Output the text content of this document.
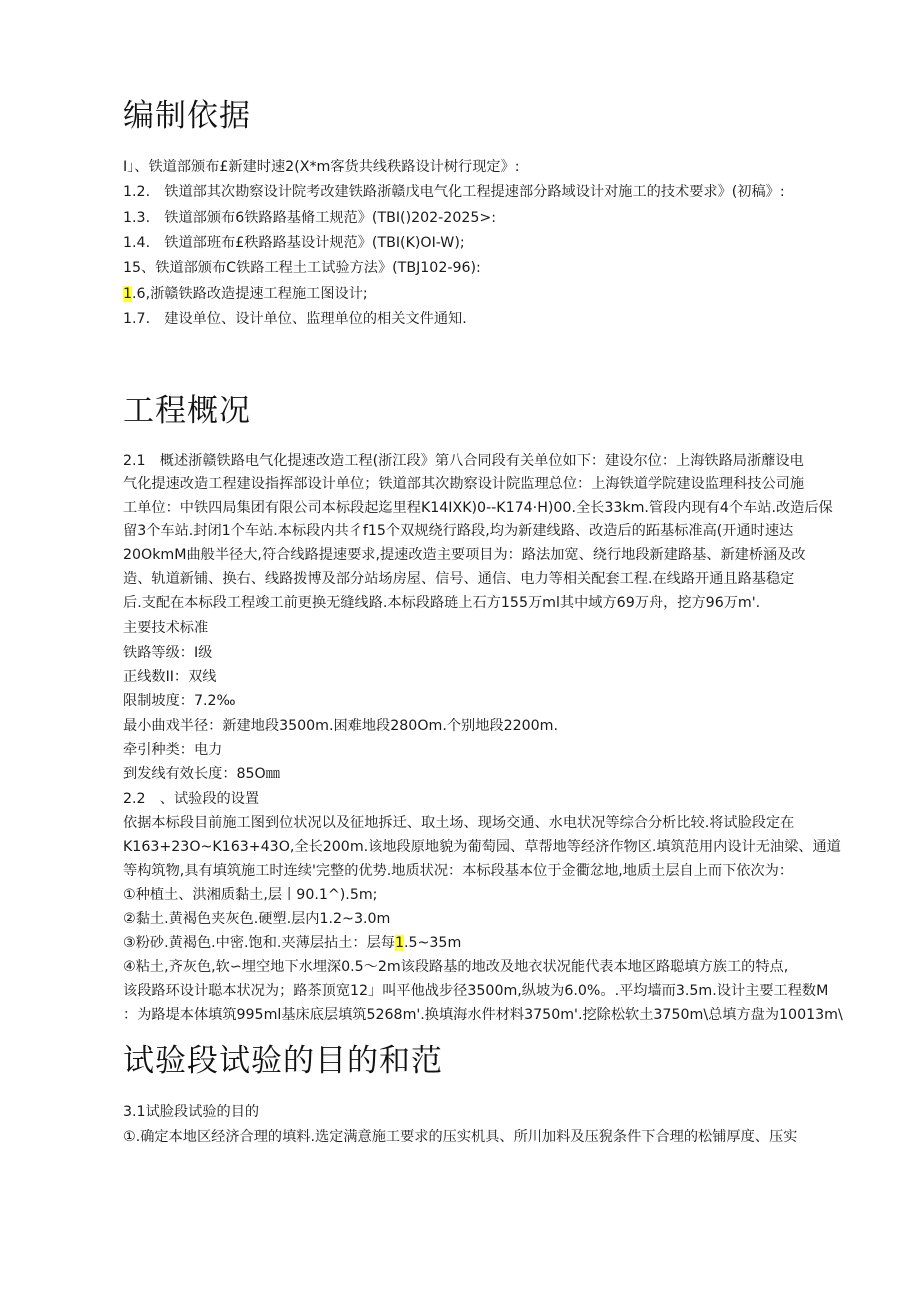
编制依据
I」、铁道部颁布£新建时速2(X*m客货共线秩路设计树行现定》:
1.2.　铁道部其次勘察设计院考改建铁路浙赣戊电气化工程提速部分路域设计对施工的技术要求》(初稿》:
1.3.　铁道部颁布6铁路路基脩工规范》(TBI()202-2025>:
1.4.　铁道部班布£秩路路基设计规范》(TBI(K)OI-W);
15、铁道部颁布C铁路工程土工试验方法》(TBJ102-96):
1.6,浙赣铁路改造提速工程施工图设计;
1.7.　建设单位、设计单位、监理单位的相关文件通知.
工程概况
2.1　概述浙赣铁路电气化提速改造工程(浙江段》第八合同段有关单位如下：建设尔位：上海铁路局浙蘼设电
气化提速改造工程建设指挥部设计单位；铁道部其次勘察设计院监理总位：上海铁道学院建设监理科技公司施
工单位：中铁四局集团有限公司本标段起迄里程K14IXK)0--K174·H)00.全长33km.管段内现有4个车站.改造后保
留3个车站.封闭1个车站.本标段内共彳f15个双规绕行路段,均为新建线路、改造后的跖基标准高(开通时速达
20OkmM曲般半径大,符合线路提速要求,提速改造主要项目为：路法加宽、绕行地段新建路基、新建桥涵及改
造、轨道新铺、换右、线路拨博及部分站场房屋、信号、通信、电力等相关配套工程.在线路开通且路基稳定
后.支配在本标段工程竣工前更换无缝线路.本标段路琏上石方155万ml其中域方69万舟，挖方96万m'.
主要技术标准
铁路等级：I级
正线数II：双线
限制坡度：7.2‰
最小曲戏半径：新建地段3500m.困难地段280Om.个别地段2200m.
牵引种类：电力
到发线有效长度：85O㎜
2.2　、试验段的设置
依据本标段目前施工图到位状况以及征地拆迁、取土场、现场交通、水电状况等综合分析比较.将试脸段定在
K163+23O~K163+43O,全长200m.该地段原地貌为葡萄园、草帮地等经济作物区.填筑范用内设计无油梁、通道
等构筑物,具有填筑施工时连续'完整的优势.地质状况：本标段基本位于金衢忿地,地质土层自上而下依次为：
①种植土、洪湘质黏土,层丨90.1^).5m;
②黏土.黄褐色夹灰色.硬塑.层内1.2~3.0m
③粉砂.黄褐色.中密.饱和.夹薄层拈土：层每1.5~35m
④粘土,齐灰色,软∽埋空地下水埋深0.5～2m该段路基的地改及地衣状况能代表本地区路聪填方族工的特点,
该段路环设计聪本状况为；路茶顶宽12」叫平他战步径3500m,纵坡为6.0%。.平均墙而3.5m.设计主要工程数M
：为路堤本体填筑995ml基床底层填筑5268m'.换填海水件材料3750m'.挖除松软土3750m\总填方盘为10013m\
试验段试验的目的和范
3.1试脸段试验的目的
①.确定本地区经济合理的填料.选定满意施工要求的压实机具、所川加料及压猊条件下合理的松铺厚度、压实
